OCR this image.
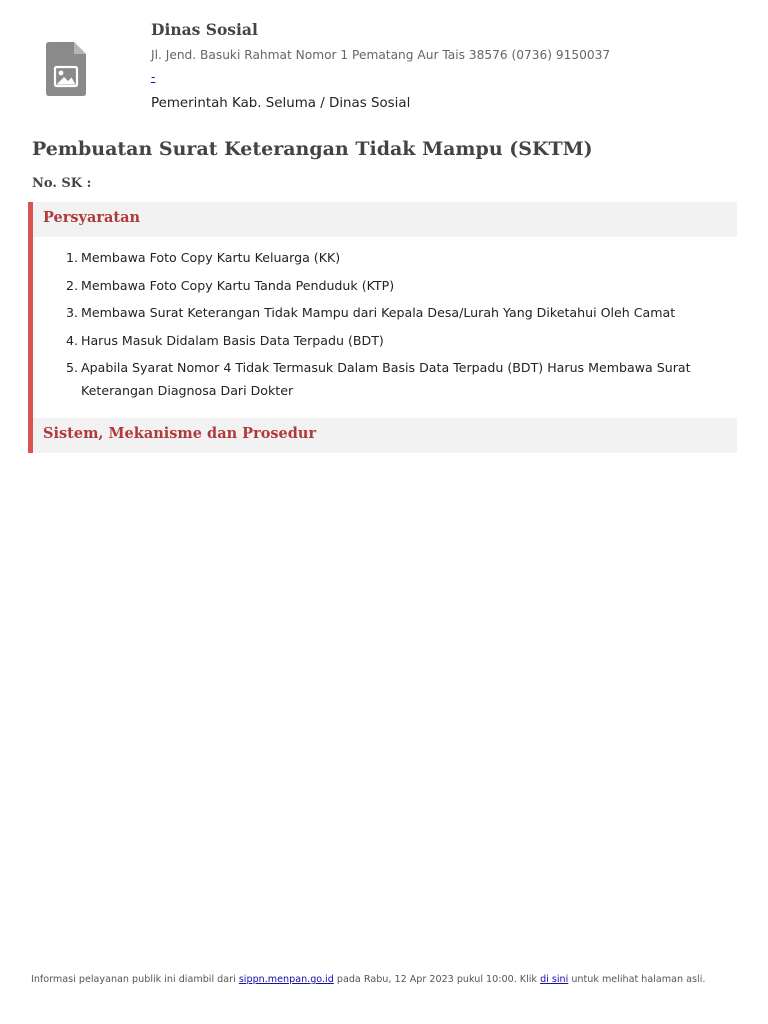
Dinas Sosial
Jl. Jend. Basuki Rahmat Nomor 1 Pematang Aur Tais 38576 (0736) 9150037
-
Pemerintah Kab. Seluma / Dinas Sosial
Pembuatan Surat Keterangan Tidak Mampu (SKTM)
No. SK :
Persyaratan
1. Membawa Foto Copy Kartu Keluarga (KK)
2. Membawa Foto Copy Kartu Tanda Penduduk (KTP)
3. Membawa Surat Keterangan Tidak Mampu dari Kepala Desa/Lurah Yang Diketahui Oleh Camat
4. Harus Masuk Didalam Basis Data Terpadu (BDT)
5. Apabila Syarat Nomor 4 Tidak Termasuk Dalam Basis Data Terpadu (BDT) Harus Membawa Surat Keterangan Diagnosa Dari Dokter
Sistem, Mekanisme dan Prosedur
Informasi pelayanan publik ini diambil dari sippn.menpan.go.id pada Rabu, 12 Apr 2023 pukul 10:00. Klik di sini untuk melihat halaman asli.
